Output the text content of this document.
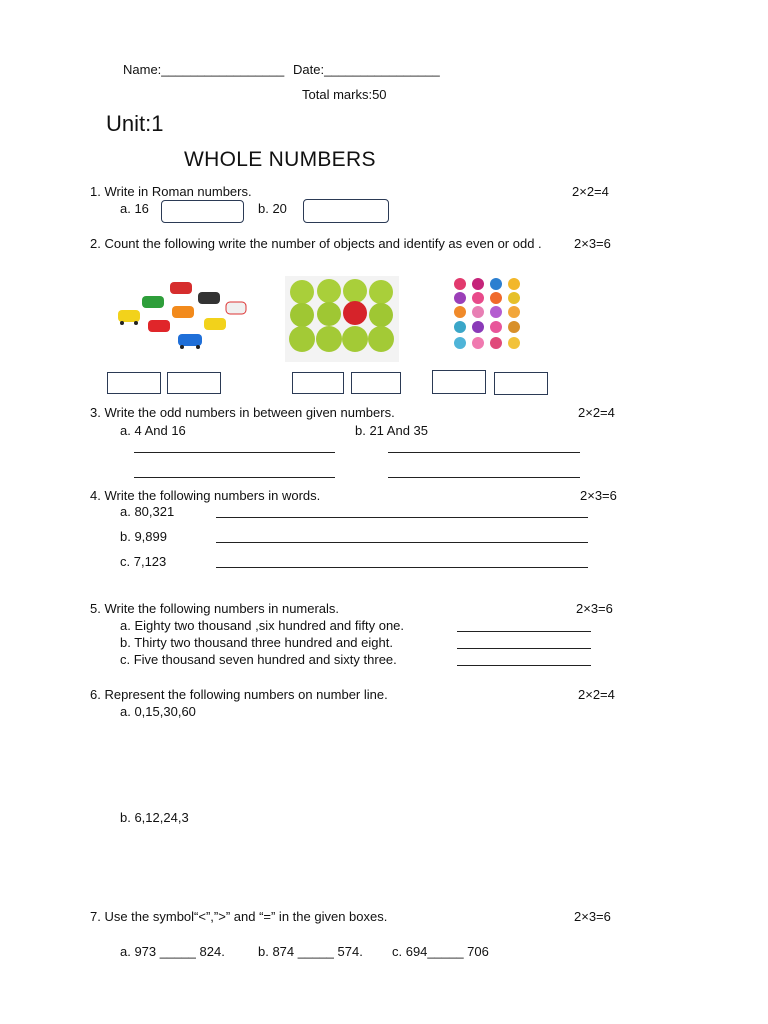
Name:_________________ Date:________________
Total marks:50
Unit:1
WHOLE NUMBERS
1. Write in Roman numbers.	2×2=4
a. 16	b. 20
2. Count the following write the number of objects and identify as even or odd . 2×3=6
3. Write the odd numbers in between given numbers.	2×2=4
a. 4 And 16	b. 21 And 35
4. Write the following numbers in words.	2×3=6
a. 80,321
b. 9,899
c. 7,123
5. Write the following numbers in numerals.	2×3=6
a. Eighty two thousand ,six hundred and fifty one.
b. Thirty two thousand three hundred and eight.
c. Five thousand seven hundred and sixty three.
6. Represent the following numbers on number line.	2×2=4
a. 0,15,30,60
b. 6,12,24,3
7. Use the symbol“<”,”>” and “=” in the given boxes.	2×3=6
a. 973 _____ 824.	b. 874 _____ 574. c. 694_____ 706
